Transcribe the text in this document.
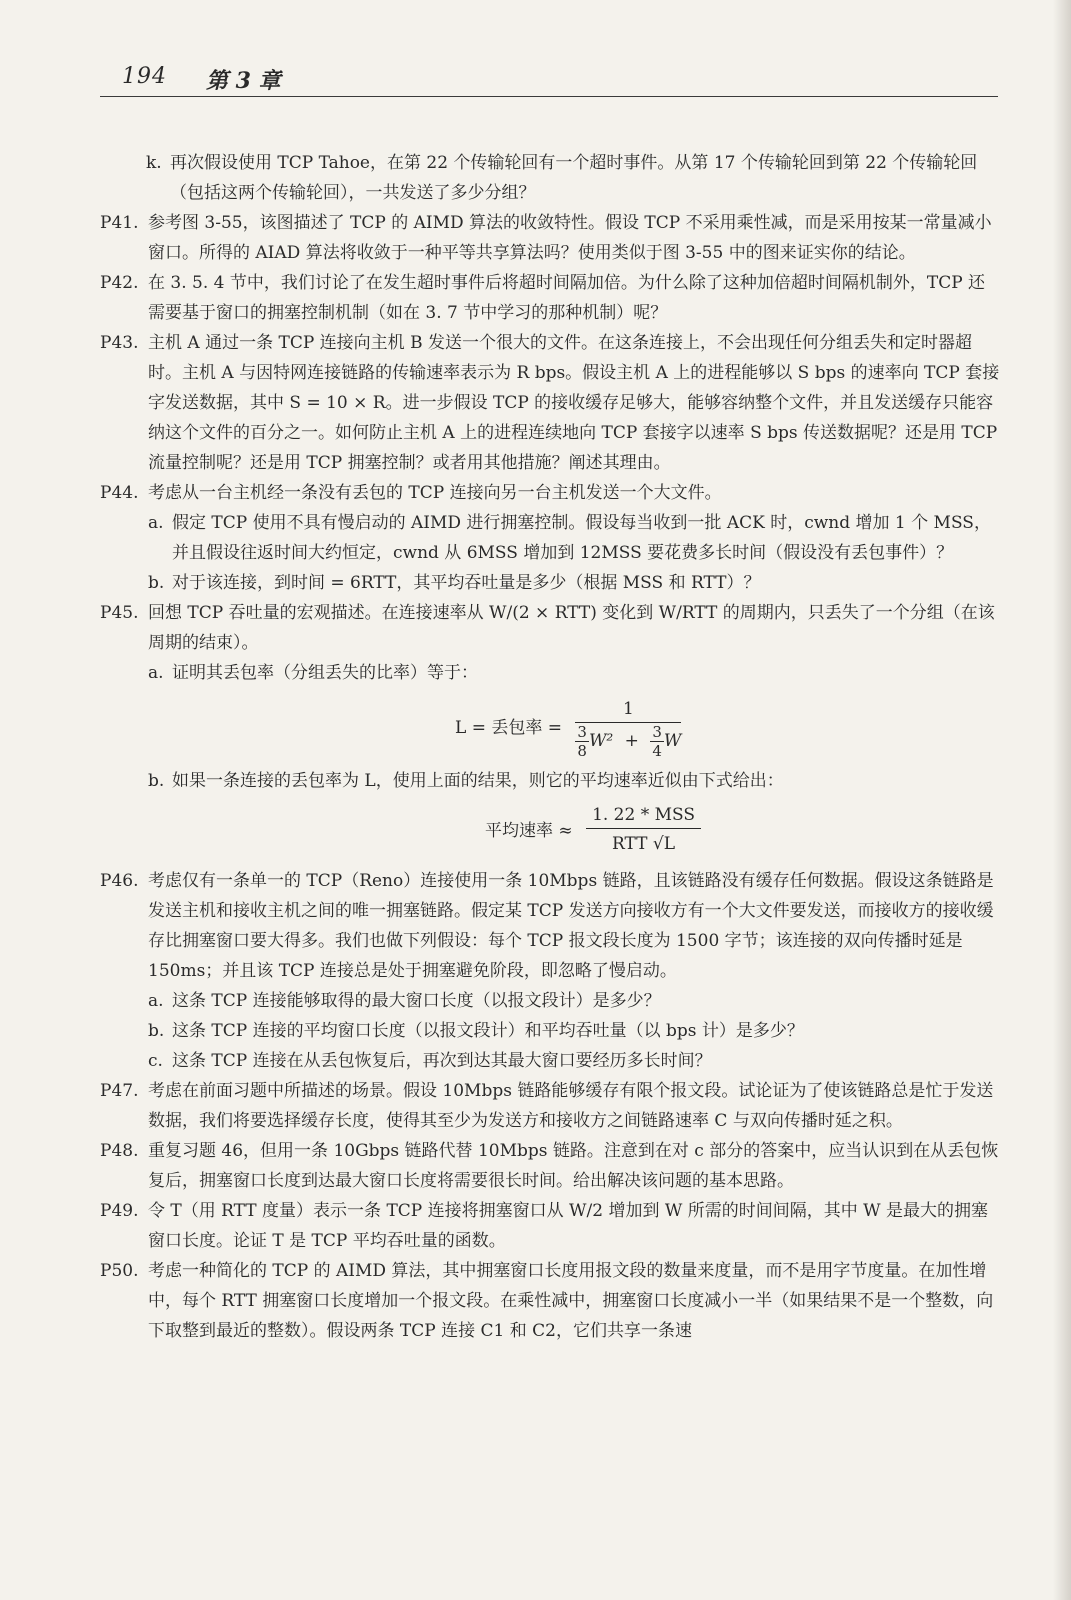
194 第 3 章
k. 再次假设使用 TCP Tahoe，在第 22 个传输轮回有一个超时事件。从第 17 个传输轮回到第 22 个传输轮回（包括这两个传输轮回），一共发送了多少分组？
P41. 参考图 3-55，该图描述了 TCP 的 AIMD 算法的收敛特性。假设 TCP 不采用乘性减，而是采用按某一常量减小窗口。所得的 AIAD 算法将收敛于一种平等共享算法吗？使用类似于图 3-55 中的图来证实你的结论。
P42. 在 3. 5. 4 节中，我们讨论了在发生超时事件后将超时间隔加倍。为什么除了这种加倍超时间隔机制外，TCP 还需要基于窗口的拥塞控制机制（如在 3. 7 节中学习的那种机制）呢？
P43. 主机 A 通过一条 TCP 连接向主机 B 发送一个很大的文件。在这条连接上，不会出现任何分组丢失和定时器超时。主机 A 与因特网连接链路的传输速率表示为 R bps。假设主机 A 上的进程能够以 S bps 的速率向 TCP 套接字发送数据，其中 S = 10 × R。进一步假设 TCP 的接收缓存足够大，能够容纳整个文件，并且发送缓存只能容纳这个文件的百分之一。如何防止主机 A 上的进程连续地向 TCP 套接字以速率 S bps 传送数据呢？还是用 TCP 流量控制呢？还是用 TCP 拥塞控制？或者用其他措施？阐述其理由。
P44. 考虑从一台主机经一条没有丢包的 TCP 连接向另一台主机发送一个大文件。
a. 假定 TCP 使用不具有慢启动的 AIMD 进行拥塞控制。假设每当收到一批 ACK 时，cwnd 增加 1 个 MSS，并且假设往返时间大约恒定，cwnd 从 6MSS 增加到 12MSS 要花费多长时间（假设没有丢包事件）？
b. 对于该连接，到时间 = 6RTT，其平均吞吐量是多少（根据 MSS 和 RTT）？
P45. 回想 TCP 吞吐量的宏观描述。在连接速率从 W/(2 × RTT) 变化到 W/RTT 的周期内，只丢失了一个分组（在该周期的结束）。
a. 证明其丢包率（分组丢失的比率）等于：
L = 丢包率 = $\frac{1}{\frac{3}{8} W^2 + \frac{3}{4} W}$
b. 如果一条连接的丢包率为 L，使用上面的结果，则它的平均速率近似由下式给出：
平均速率 ≈ $\frac{\text{1. 22 * MSS}}{\text{RTT √L}}$
P46. 考虑仅有一条单一的 TCP（Reno）连接使用一条 10Mbps 链路，且该链路没有缓存任何数据。假设这条链路是发送主机和接收主机之间的唯一拥塞链路。假定某 TCP 发送方向接收方有一个大文件要发送，而接收方的接收缓存比拥塞窗口要大得多。我们也做下列假设：每个 TCP 报文段长度为 1500 字节；该连接的双向传播时延是 150ms；并且该 TCP 连接总是处于拥塞避免阶段，即忽略了慢启动。
a. 这条 TCP 连接能够取得的最大窗口长度（以报文段计）是多少？
b. 这条 TCP 连接的平均窗口长度（以报文段计）和平均吞吐量（以 bps 计）是多少？
c. 这条 TCP 连接在从丢包恢复后，再次到达其最大窗口要经历多长时间？
P47. 考虑在前面习题中所描述的场景。假设 10Mbps 链路能够缓存有限个报文段。试论证为了使该链路总是忙于发送数据，我们将要选择缓存长度，使得其至少为发送方和接收方之间链路速率 C 与双向传播时延之积。
P48. 重复习题 46，但用一条 10Gbps 链路代替 10Mbps 链路。注意到在对 c 部分的答案中，应当认识到在从丢包恢复后，拥塞窗口长度到达最大窗口长度将需要很长时间。给出解决该问题的基本思路。
P49. 令 T（用 RTT 度量）表示一条 TCP 连接将拥塞窗口从 W/2 增加到 W 所需的时间间隔，其中 W 是最大的拥塞窗口长度。论证 T 是 TCP 平均吞吐量的函数。
P50. 考虑一种简化的 TCP 的 AIMD 算法，其中拥塞窗口长度用报文段的数量来度量，而不是用字节度量。在加性增中，每个 RTT 拥塞窗口长度增加一个报文段。在乘性减中，拥塞窗口长度减小一半（如果结果不是一个整数，向下取整到最近的整数）。假设两条 TCP 连接 C1 和 C2，它们共享一条速
